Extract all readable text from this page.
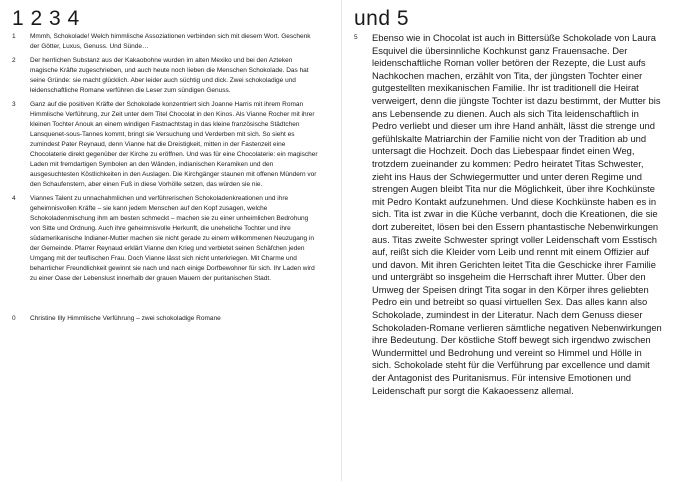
1 2 3 4
1 Mmmh, Schokolade! Welch himmlische Assoziationen verbinden sich mit diesem Wort. Geschenk der Götter, Luxus, Genuss. Und Sünde…
2 Der herrlichen Substanz aus der Kakaobohne wurden im alten Mexiko und bei den Azteken magische Kräfte zugeschrieben, und auch heute noch lieben die Menschen Schokolade. Das hat seine Gründe: sie macht glücklich. Aber leider auch süchtig und dick. Zwei schokoladige und leidenschaftliche Romane verführen die Leser zum sündigen Genuss.
3 Ganz auf die positiven Kräfte der Schokolade konzentriert sich Joanne Harris mit ihrem Roman Himmlische Verführung, zur Zeit unter dem Titel Chocolat in den Kinos. Als Vianne Rocher mit ihrer kleinen Tochter Anouk an einem windigen Fastnachtstag in das kleine französische Städtchen Lansquenet-sous-Tannes kommt, bringt sie Versuchung und Verderben mit sich. So sieht es zumindest Pater Reynaud, denn Vianne hat die Dreistigkeit, mitten in der Fastenzeit eine Chocolaterie direkt gegenüber der Kirche zu eröffnen. Und was für eine Chocolaterie: ein magischer Laden mit fremdartigen Symbolen an den Wänden, indianischen Keramiken und den ausgesuchtesten Köstlichkeiten in den Auslagen. Die Kirchgänger staunen mit offenen Mündern vor den Schaufenstern, aber einen Fuß in diese Vorhölle setzen, das würden sie nie.
4 Viannes Talent zu unnachahmlichen und verführerischen Schokoladenkreationen und ihre geheimnisvollen Kräfte – sie kann jedem Menschen auf den Kopf zusagen, welche Schokoladenmischung ihm am besten schmeckt – machen sie zu einer unheimlichen Bedrohung von Sitte und Ordnung. Auch ihre geheimnisvolle Herkunft, die uneheliche Tochter und ihre südamerikanische Indianer-Mutter machen sie nicht gerade zu einem willkommenen Neuzugang in der Gemeinde. Pfarrer Reynaud erklärt Vianne den Krieg und verbietet seinen Schäfchen jeden Umgang mit der teuflischen Frau. Doch Vianne lässt sich nicht unterkriegen. Mit Charme und beharrlicher Freundlichkeit gewinnt sie nach und nach einige Dorfbewohner für sich. Ihr Laden wird zu einer Oase der Lebenslust innerhalb der grauen Mauern der puritanischen Stadt.
0 Christine Illy Himmlische Verführung – zwei schokoladige Romane
und 5
5 Ebenso wie in Chocolat ist auch in Bittersüße Schokolade von Laura Esquivel die übersinnliche Kochkunst ganz Frauensache. Der leidenschaftliche Roman voller betören der Rezepte, die Lust aufs Nachkochen machen, erzählt von Tita, der jüngsten Tochter einer gutgestellten mexikanischen Familie. Ihr ist traditionell die Heirat verweigert, denn die jüngste Tochter ist dazu bestimmt, der Mutter bis ans Lebensende zu dienen. Auch als sich Tita leidenschaftlich in Pedro verliebt und dieser um ihre Hand anhält, lässt die strenge und gefühlskalte Matriarchin der Familie nicht von der Tradition ab und untersagt die Hochzeit. Doch das Liebespaar findet einen Weg, trotzdem zueinander zu kommen: Pedro heiratet Titas Schwester, zieht ins Haus der Schwiegermutter und unter deren Regime und strengen Augen bleibt Tita nur die Möglichkeit, über ihre Kochkünste mit Pedro Kontakt aufzunehmen. Und diese Kochkünste haben es in sich. Tita ist zwar in die Küche verbannt, doch die Kreationen, die sie dort zubereitet, lösen bei den Essern phantastische Nebenwirkungen aus. Titas zweite Schwester springt voller Leidenschaft vom Esstisch auf, reißt sich die Kleider vom Leib und rennt mit einem Offizier auf und davon. Mit ihren Gerichten leitet Tita die Geschicke ihrer Familie und untergräbt so insgeheim die Herrschaft ihrer Mutter. Über den Umweg der Speisen dringt Tita sogar in den Körper ihres geliebten Pedro ein und betreibt so quasi virtuellen Sex. Das alles kann also Schokolade, zumindest in der Literatur. Nach dem Genuss dieser Schokoladen-Romane verlieren sämtliche negativen Nebenwirkungen ihre Bedeutung. Der köstliche Stoff bewegt sich irgendwo zwischen Wundermittel und Bedrohung und vereint so Himmel und Hölle in sich. Schokolade steht für die Verführung par excellence und damit der Antagonist des Puritanismus. Für intensive Emotionen und Leidenschaft pur sorgt die Kakaoessenz allemal.
